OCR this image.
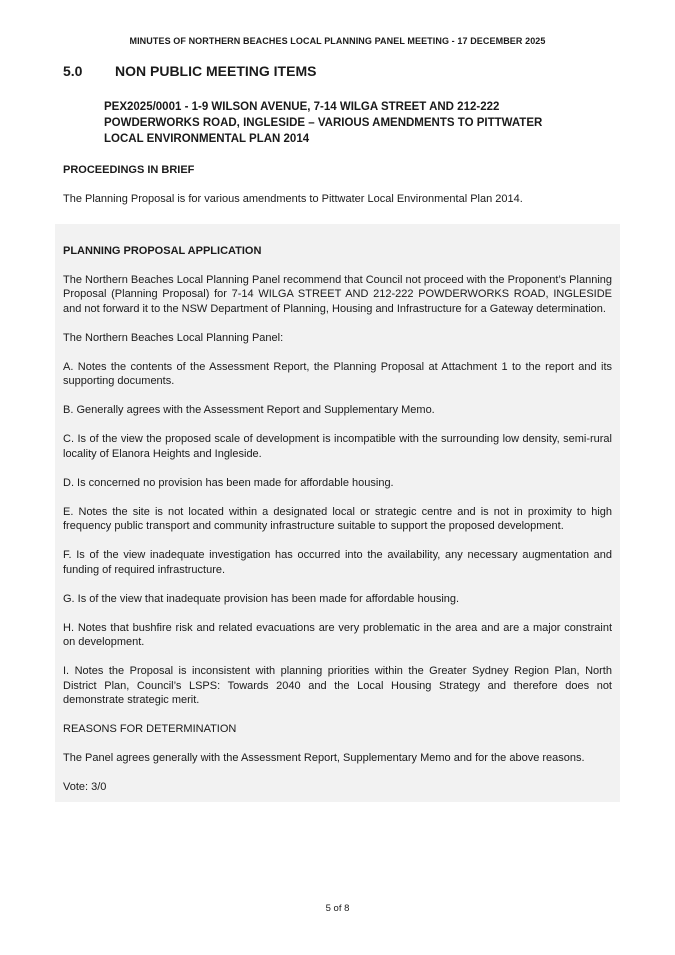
MINUTES OF NORTHERN BEACHES LOCAL PLANNING PANEL MEETING - 17 DECEMBER 2025
5.0	NON PUBLIC MEETING ITEMS
PEX2025/0001 - 1-9 WILSON AVENUE, 7-14 WILGA STREET AND 212-222 POWDERWORKS ROAD, INGLESIDE – VARIOUS AMENDMENTS TO PITTWATER LOCAL ENVIRONMENTAL PLAN 2014
PROCEEDINGS IN BRIEF

The Planning Proposal is for various amendments to Pittwater Local Environmental Plan 2014.

PLANNING PROPOSAL APPLICATION

The Northern Beaches Local Planning Panel recommend that Council not proceed with the Proponent’s Planning Proposal (Planning Proposal) for 7-14 WILGA STREET AND 212-222 POWDERWORKS ROAD, INGLESIDE and not forward it to the NSW Department of Planning, Housing and Infrastructure for a Gateway determination.

The Northern Beaches Local Planning Panel:

A. Notes the contents of the Assessment Report, the Planning Proposal at Attachment 1 to the report and its supporting documents.

B. Generally agrees with the Assessment Report and Supplementary Memo.

C. Is of the view the proposed scale of development is incompatible with the surrounding low density, semi-rural locality of Elanora Heights and Ingleside.

D. Is concerned no provision has been made for affordable housing.

E. Notes the site is not located within a designated local or strategic centre and is not in proximity to high frequency public transport and community infrastructure suitable to support the proposed development.

F. Is of the view inadequate investigation has occurred into the availability, any necessary augmentation and funding of required infrastructure.

G. Is of the view that inadequate provision has been made for affordable housing.

H. Notes that bushfire risk and related evacuations are very problematic in the area and are a major constraint on development.

I. Notes the Proposal is inconsistent with planning priorities within the Greater Sydney Region Plan, North District Plan, Council’s LSPS: Towards 2040 and the Local Housing Strategy and therefore does not demonstrate strategic merit.

REASONS FOR DETERMINATION

The Panel agrees generally with the Assessment Report, Supplementary Memo and for the above reasons.

Vote: 3/0

5 of 8
